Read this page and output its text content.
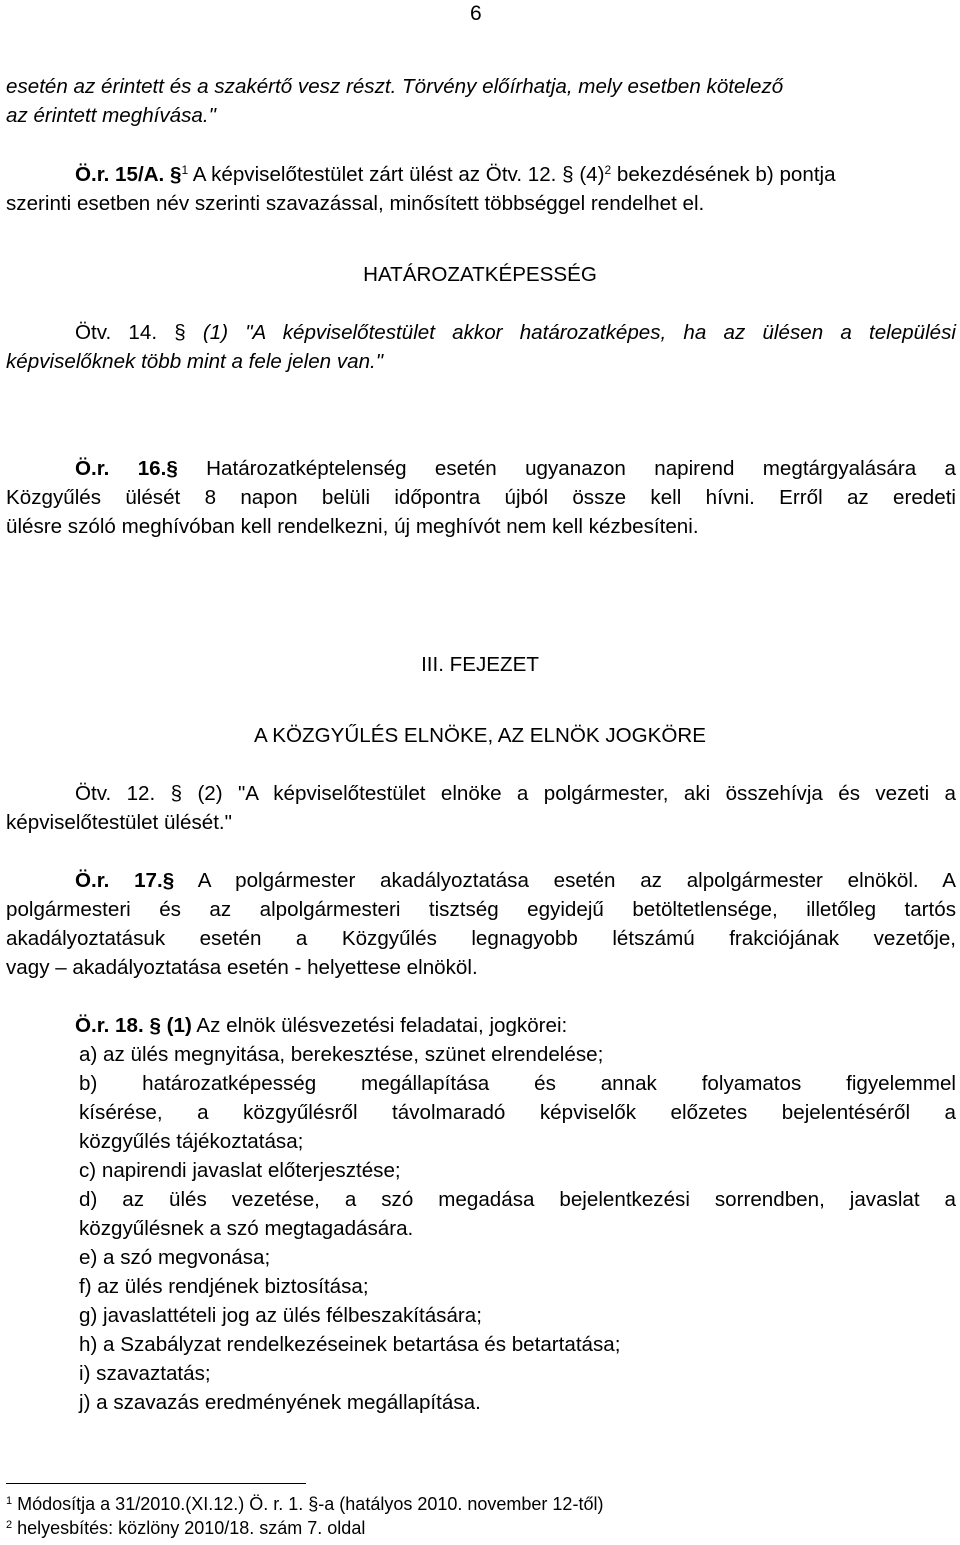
6
esetén az érintett és a szakértő vesz részt. Törvény előírhatja, mely esetben kötelező
az érintett meghívása."
Ö.r. 15/A. §$^1$ A képviselőtestület zárt ülést az Ötv. 12. § $(4)^2$ bekezdésének b) pontja
szerinti esetben név szerinti szavazással, minősített többséggel rendelhet el.
HATÁROZATKÉPESSÉG
Ötv. 14. § (1) "A képviselőtestület akkor határozatképes, ha az ülésen a települési
képviselőknek több mint a fele jelen van."
Ö.r. 16.§ Határozatképtelenség esetén ugyanazon napirend megtárgyalására a
Közgyűlés ülését 8 napon belüli időpontra újból össze kell hívni. Erről az eredeti
ülésre szóló meghívóban kell rendelkezni, új meghívót nem kell kézbesíteni.
III. FEJEZET
A KÖZGYŰLÉS ELNÖKE, AZ ELNÖK JOGKÖRE
Ötv. 12. § (2) "A képviselőtestület elnöke a polgármester, aki összehívja és vezeti a
képviselőtestület ülését."
Ö.r. 17.§ A polgármester akadályoztatása esetén az alpolgármester elnököl. A
polgármesteri és az alpolgármesteri tisztség egyidejű betöltetlensége, illetőleg tartós
akadályoztatásuk esetén a Közgyűlés legnagyobb létszámú frakciójának vezetője,
vagy – akadályoztatása esetén - helyettese elnököl.
Ö.r. 18. § (1) Az elnök ülésvezetési feladatai, jogkörei:
a) az ülés megnyitása, berekesztése, szünet elrendelése;
b) határozatképesség megállapítása és annak folyamatos figyelemmel
kísérése, a közgyűlésről távolmaradó képviselők előzetes bejelentéséről a
közgyűlés tájékoztatása;
c) napirendi javaslat előterjesztése;
d) az ülés vezetése, a szó megadása bejelentkezési sorrendben, javaslat a
közgyűlésnek a szó megtagadására.
e) a szó megvonása;
f) az ülés rendjének biztosítása;
g) javaslattételi jog az ülés félbeszakítására;
h) a Szabályzat rendelkezéseinek betartása és betartatása;
i) szavaztatás;
j) a szavazás eredményének megállapítása.
$^1$ Módosítja a 31/2010.(XI.12.) Ö. r. 1. §-a (hatályos 2010. november 12-től)
$^2$ helyesbítés: közlöny 2010/18. szám 7. oldal
